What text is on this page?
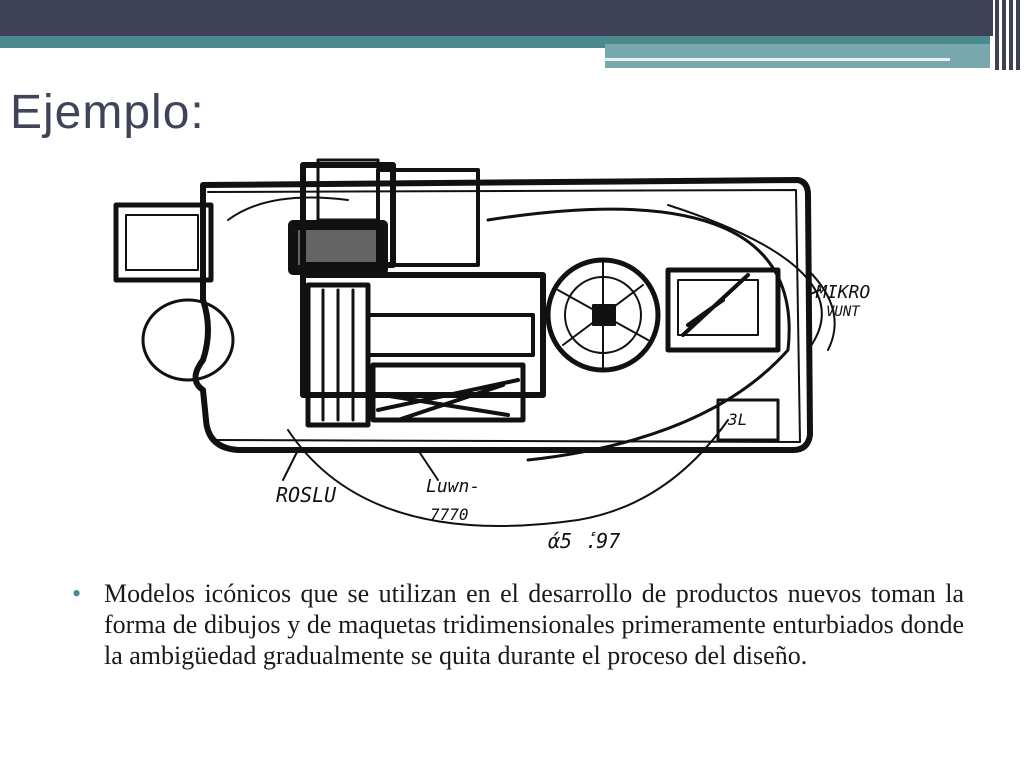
Ejemplo:
MIKRO
VUNT
ROSLU	Luwn-
7770
ά5 .ٔ97
3L
• Modelos icónicos que se utilizan en el desarrollo de productos nuevos toman la forma de dibujos y de maquetas tridimensionales primeramente enturbiados donde la ambigüedad gradualmente se quita durante el proceso del diseño.
